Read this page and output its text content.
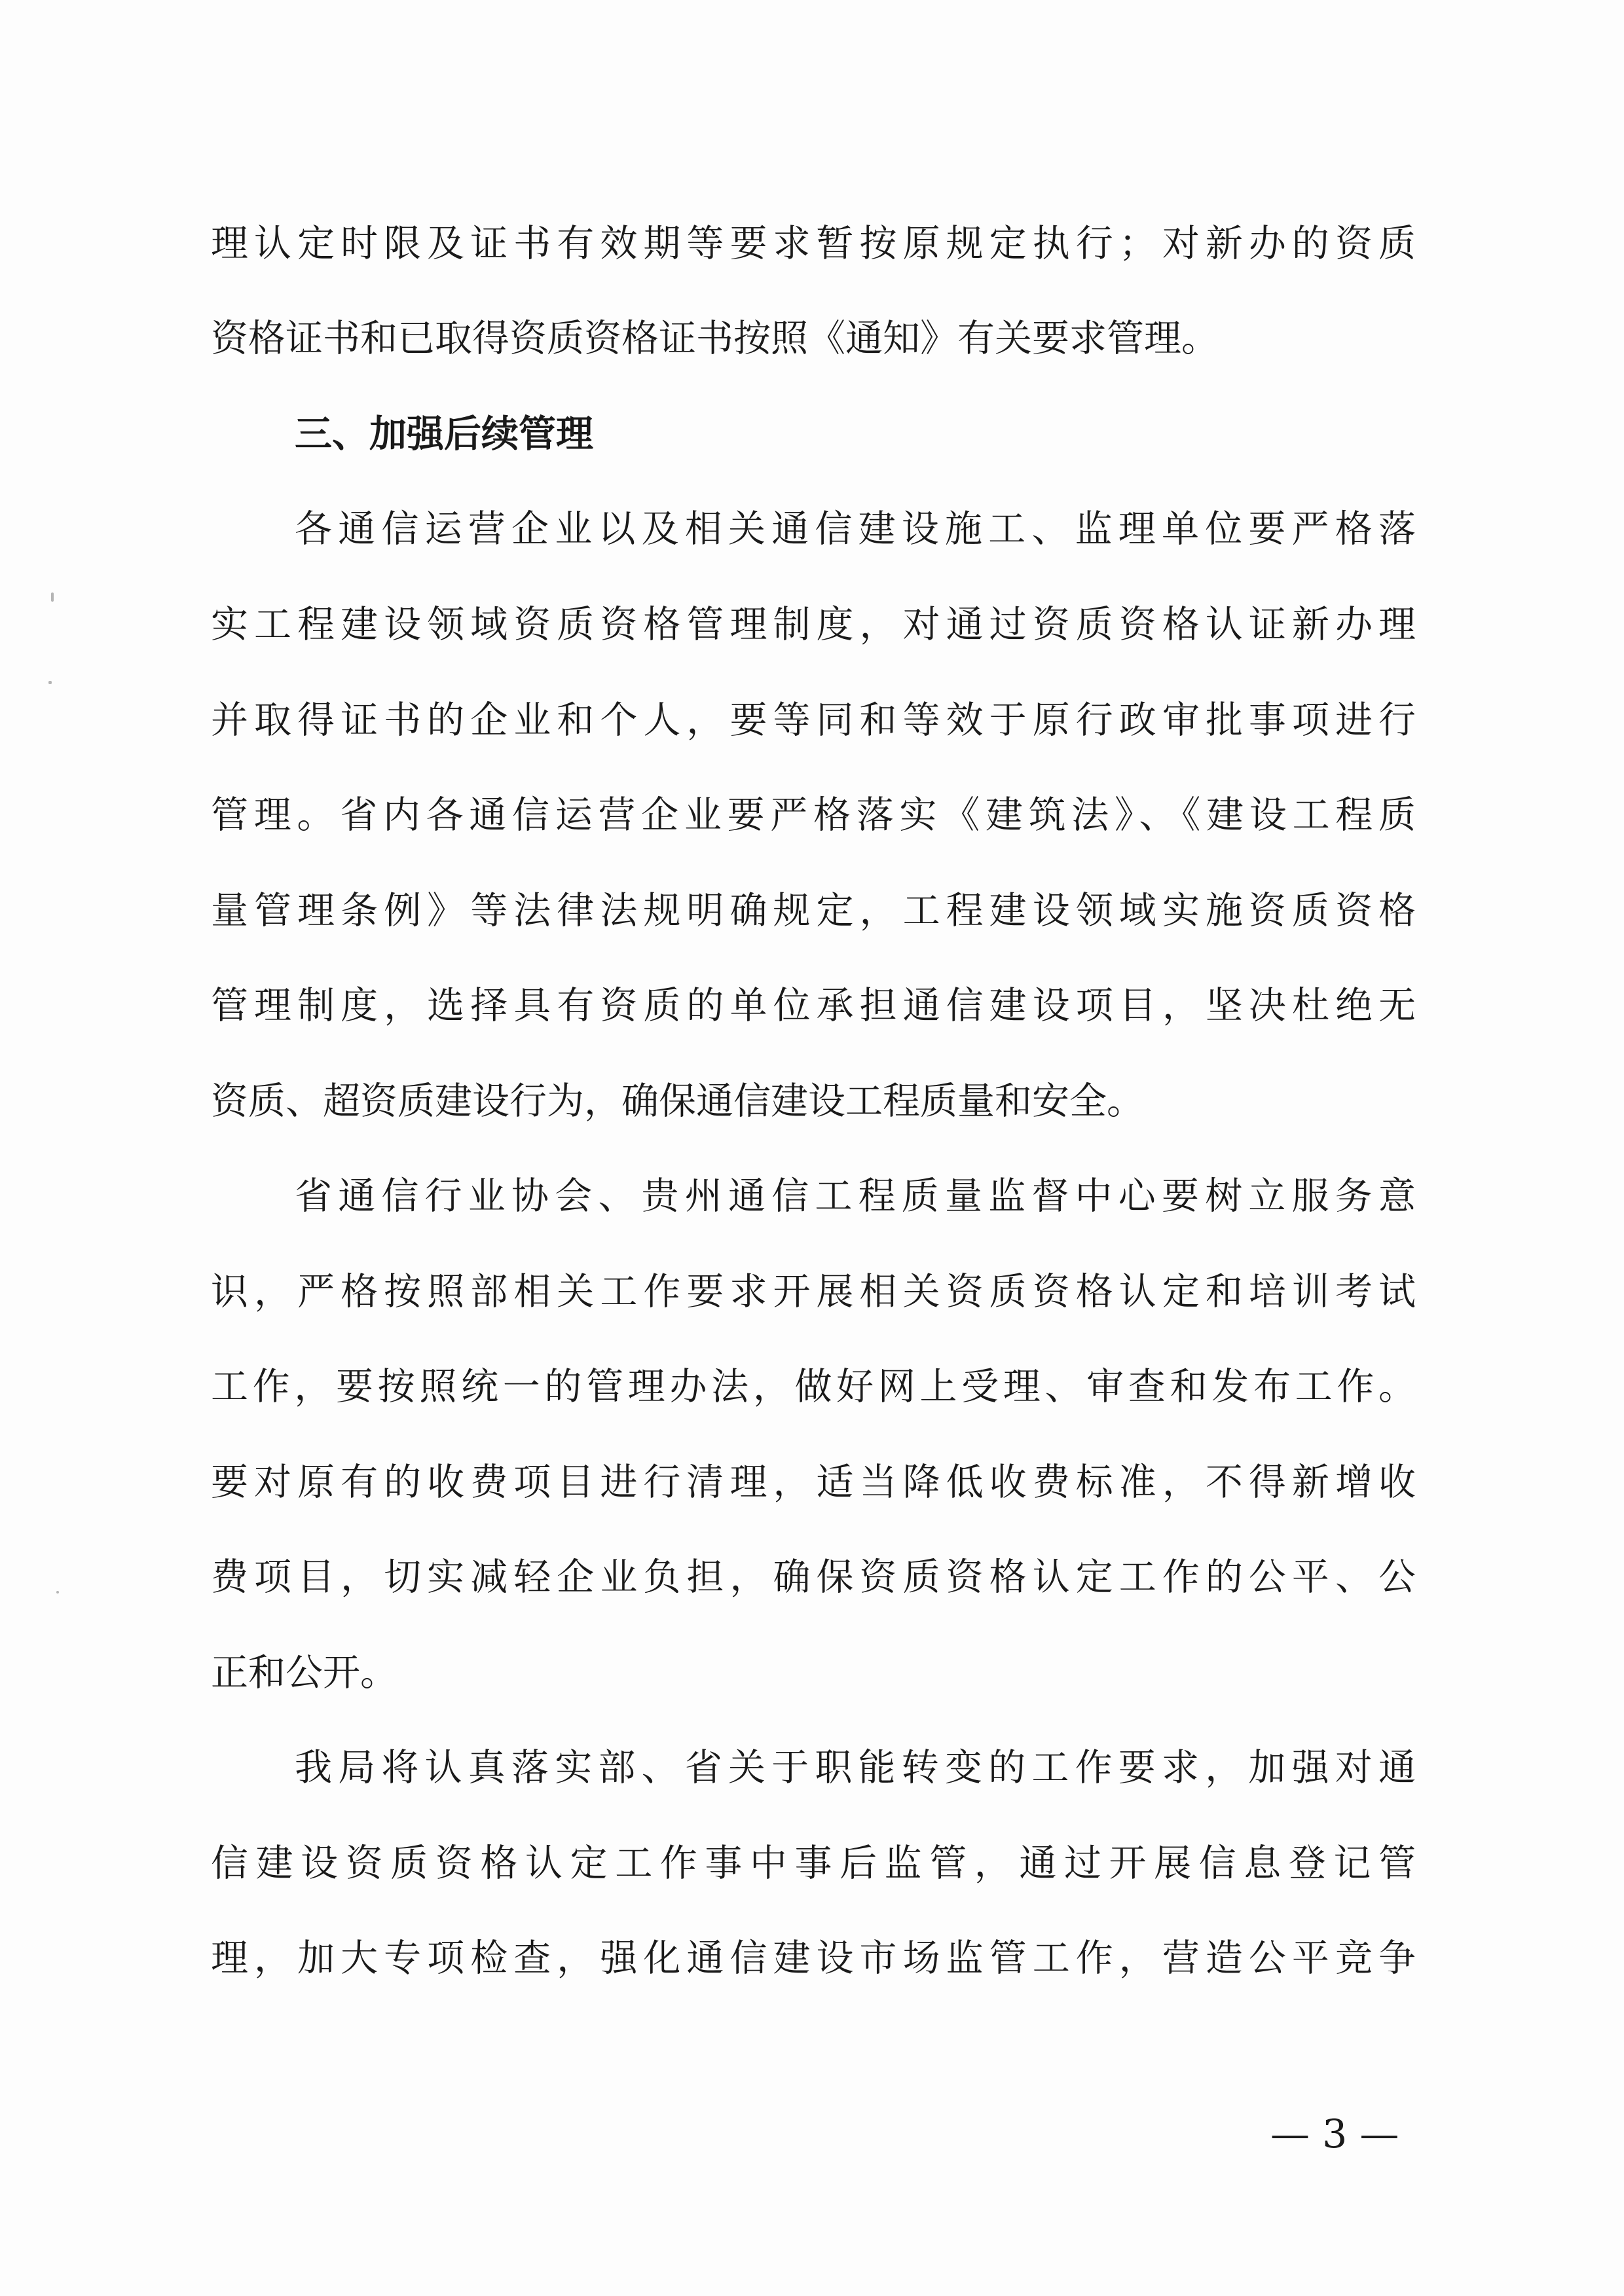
理认定时限及证书有效期等要求暂按原规定执行；对新办的资质
资格证书和已取得资质资格证书按照《通知》有关要求管理。
三、加强后续管理
各通信运营企业以及相关通信建设施工、监理单位要严格落
实工程建设领域资质资格管理制度，对通过资质资格认证新办理
并取得证书的企业和个人，要等同和等效于原行政审批事项进行
管理。省内各通信运营企业要严格落实《建筑法》、《建设工程质
量管理条例》等法律法规明确规定，工程建设领域实施资质资格
管理制度，选择具有资质的单位承担通信建设项目，坚决杜绝无
资质、超资质建设行为，确保通信建设工程质量和安全。
省通信行业协会、贵州通信工程质量监督中心要树立服务意
识，严格按照部相关工作要求开展相关资质资格认定和培训考试
工作，要按照统一的管理办法，做好网上受理、审查和发布工作。
要对原有的收费项目进行清理，适当降低收费标准，不得新增收
费项目，切实减轻企业负担，确保资质资格认定工作的公平、公
正和公开。
我局将认真落实部、省关于职能转变的工作要求，加强对通
信建设资质资格认定工作事中事后监管，通过开展信息登记管
理，加大专项检查，强化通信建设市场监管工作，营造公平竞争
— 3 —
